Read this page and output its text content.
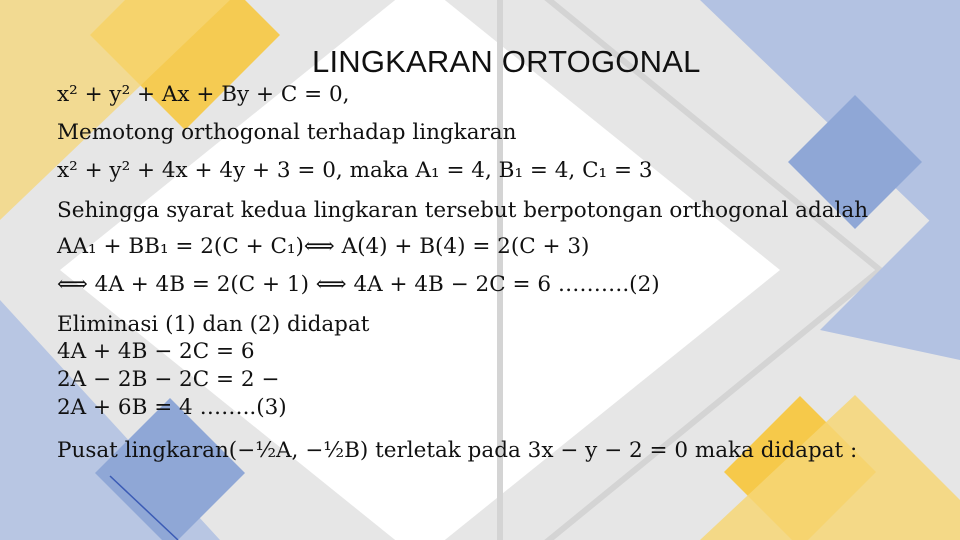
LINGKARAN ORTOGONAL
x² + y² + Ax + By + C = 0,
Memotong orthogonal terhadap lingkaran
x² + y² + 4x + 4y + 3 = 0, maka A₁ = 4, B₁ = 4, C₁ = 3
Sehingga syarat kedua lingkaran tersebut berpotongan orthogonal adalah
AA₁ + BB₁ = 2(C + C₁)⟺ A(4) + B(4) = 2(C + 3)
⟺ 4A + 4B = 2(C + 1) ⟺ 4A + 4B − 2C = 6 ……….(2)
Eliminasi (1) dan (2) didapat
4A + 4B − 2C = 6
2A − 2B − 2C = 2 −
2A + 6B = 4 ……..(3)
Pusat lingkaran(−½A, −½B) terletak pada 3x − y − 2 = 0 maka didapat :
